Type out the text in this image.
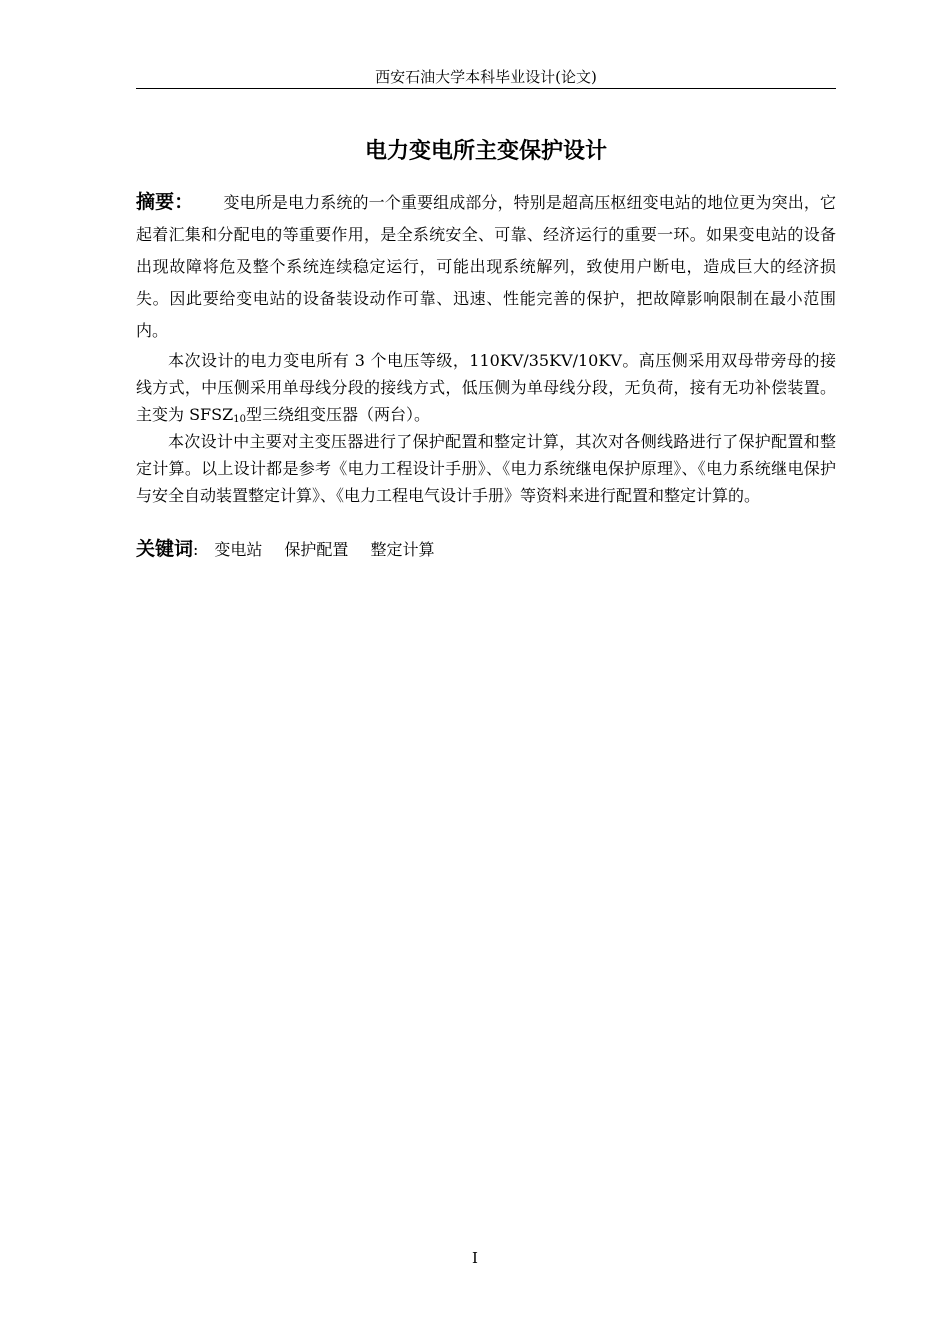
西安石油大学本科毕业设计(论文)
电力变电所主变保护设计

摘要： 变电所是电力系统的一个重要组成部分，特别是超高压枢纽变电站的地位更为突出，它起着汇集和分配电的等重要作用，是全系统安全、可靠、经济运行的重要一环。如果变电站的设备出现故障将危及整个系统连续稳定运行，可能出现系统解列，致使用户断电，造成巨大的经济损失。因此要给变电站的设备装设动作可靠、迅速、性能完善的保护，把故障影响限制在最小范围内。

本次设计的电力变电所有 3 个电压等级，110KV/35KV/10KV。高压侧采用双母带旁母的接线方式，中压侧采用单母线分段的接线方式，低压侧为单母线分段，无负荷，接有无功补偿装置。主变为 $SFSZ_{10}$型三绕组变压器（两台）。

本次设计中主要对主变压器进行了保护配置和整定计算，其次对各侧线路进行了保护配置和整定计算。以上设计都是参考《电力工程设计手册》、《电力系统继电保护原理》、《电力系统继电保护与安全自动装置整定计算》、《电力工程电气设计手册》等资料来进行配置和整定计算的。

关键词: 变电站 保护配置 整定计算
I
